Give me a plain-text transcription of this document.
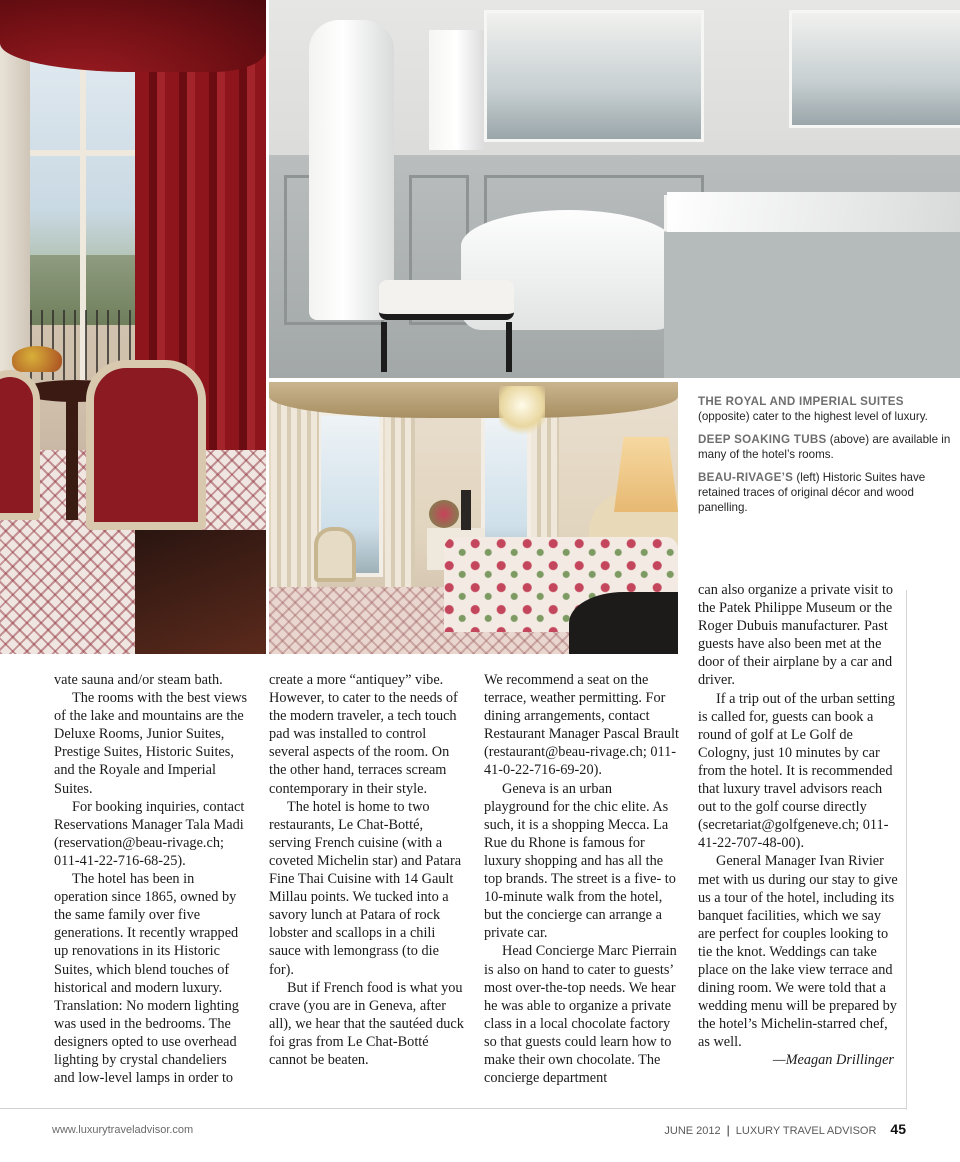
THE ROYAL AND IMPERIAL SUITES (opposite) cater to the highest level of luxury.

DEEP SOAKING TUBS (above) are available in many of the hotel’s rooms.

BEAU-RIVAGE’S (left) Historic Suites have retained traces of original décor and wood panelling.

vate sauna and/or steam bath.

The rooms with the best views of the lake and mountains are the Deluxe Rooms, Junior Suites, Prestige Suites, Historic Suites, and the Royale and Imperial Suites.

For booking inquiries, contact Reservations Manager Tala Madi (reservation@beau-rivage.ch; 011-41-22-716-68-25).

The hotel has been in operation since 1865, owned by the same family over five generations. It recently wrapped up renovations in its Historic Suites, which blend touches of historical and modern luxury. Translation: No modern lighting was used in the bedrooms. The designers opted to use overhead lighting by crystal chandeliers and low-level lamps in order to

create a more “antiquey” vibe. However, to cater to the needs of the modern traveler, a tech touch pad was installed to control several aspects of the room. On the other hand, terraces scream contemporary in their style.

The hotel is home to two restaurants, Le Chat-Botté, serving French cuisine (with a coveted Michelin star) and Patara Fine Thai Cuisine with 14 Gault Millau points. We tucked into a savory lunch at Patara of rock lobster and scallops in a chili sauce with lemongrass (to die for).

But if French food is what you crave (you are in Geneva, after all), we hear that the sautéed duck foi gras from Le Chat-Botté cannot be beaten.

We recommend a seat on the terrace, weather permitting. For dining arrangements, contact Restaurant Manager Pascal Brault (restaurant@beau-rivage.ch; 011-41-0-22-716-69-20).

Geneva is an urban playground for the chic elite. As such, it is a shopping Mecca. La Rue du Rhone is famous for luxury shopping and has all the top brands. The street is a five- to 10-minute walk from the hotel, but the concierge can arrange a private car.

Head Concierge Marc Pierrain is also on hand to cater to guests’ most over-the-top needs. We hear he was able to organize a private class in a local chocolate factory so that guests could learn how to make their own chocolate. The concierge department

can also organize a private visit to the Patek Philippe Museum or the Roger Dubuis manufacturer. Past guests have also been met at the door of their airplane by a car and driver.

If a trip out of the urban setting is called for, guests can book a round of golf at Le Golf de Cologny, just 10 minutes by car from the hotel. It is recommended that luxury travel advisors reach out to the golf course directly (secretariat@golfgeneve.ch; 011-41-22-707-48-00).

General Manager Ivan Rivier met with us during our stay to give us a tour of the hotel, including its banquet facilities, which we say are perfect for couples looking to tie the knot. Weddings can take place on the lake view terrace and dining room. We were told that a wedding menu will be prepared by the hotel’s Michelin-starred chef, as well.

—Meagan Drillinger

www.luxurytraveladvisor.com	JUNE 2012 | LUXURY TRAVEL ADVISOR 45
